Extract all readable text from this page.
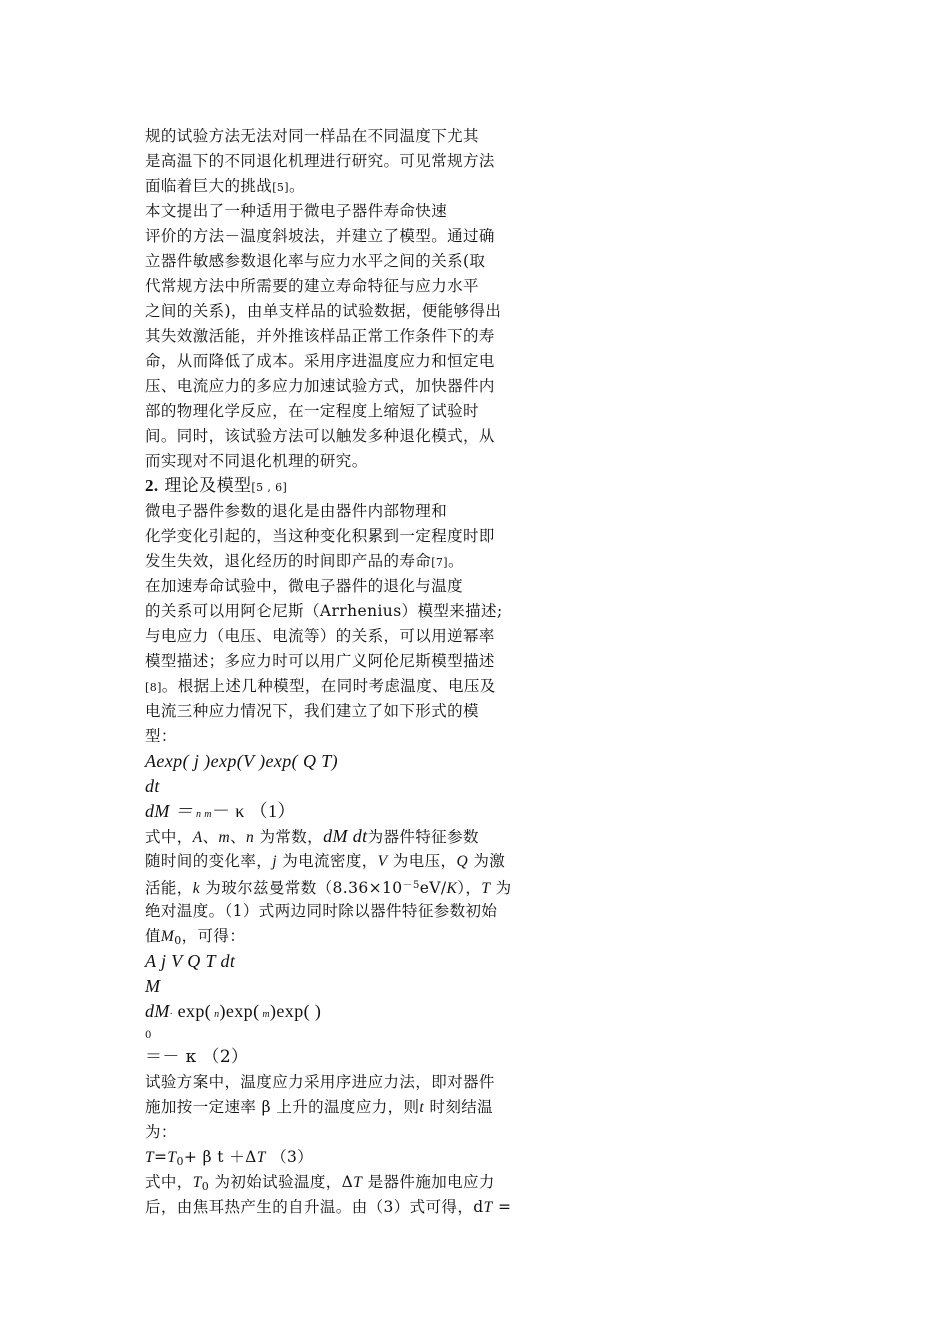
规的试验方法无法对同一样品在不同温度下尤其
是高温下的不同退化机理进行研究。可见常规方法
面临着巨大的挑战[5]。
本文提出了一种适用于微电子器件寿命快速
评价的方法－温度斜坡法，并建立了模型。通过确
立器件敏感参数退化率与应力水平之间的关系(取
代常规方法中所需要的建立寿命特征与应力水平
之间的关系)，由单支样品的试验数据，便能够得出
其失效激活能，并外推该样品正常工作条件下的寿
命，从而降低了成本。采用序进温度应力和恒定电
压、电流应力的多应力加速试验方式，加快器件内
部的物理化学反应，在一定程度上缩短了试验时
间。同时，该试验方法可以触发多种退化模式，从
而实现对不同退化机理的研究。
2. 理论及模型[5 , 6]
微电子器件参数的退化是由器件内部物理和
化学变化引起的，当这种变化积累到一定程度时即
发生失效，退化经历的时间即产品的寿命[7]。
在加速寿命试验中，微电子器件的退化与温度
的关系可以用阿仑尼斯（Arrhenius）模型来描述;
与电应力（电压、电流等）的关系，可以用逆幂率
模型描述；多应力时可以用广义阿伦尼斯模型描述
[8]。根据上述几种模型，在同时考虑温度、电压及
电流三种应力情况下，我们建立了如下形式的模
型：
Aexp( j )exp(V )exp( Q T)
dt
dM ＝ n m－ κ （1）
式中，A、m、n 为常数，dM dt为器件特征参数
随时间的变化率，j 为电流密度，V 为电压，Q 为激
活能，k 为玻尔兹曼常数$(8.36\times 10^{-5}eV/K)$，T 为
绝对温度。（1）式两边同时除以器件特征参数初始
值$M_0$，可得：
A j V Q T dt
M
dM· exp( n)exp( m)exp( )
0
＝－ κ （2）
试验方案中，温度应力采用序进应力法，即对器件
施加按一定速率 β 上升的温度应力，则t 时刻结温
为：
$T=T_0+ \beta$ t ＋ΔT （3）
式中，$T_0$ 为初始试验温度，ΔT 是器件施加电应力
后，由焦耳热产生的自升温。由（3）式可得，dT =
